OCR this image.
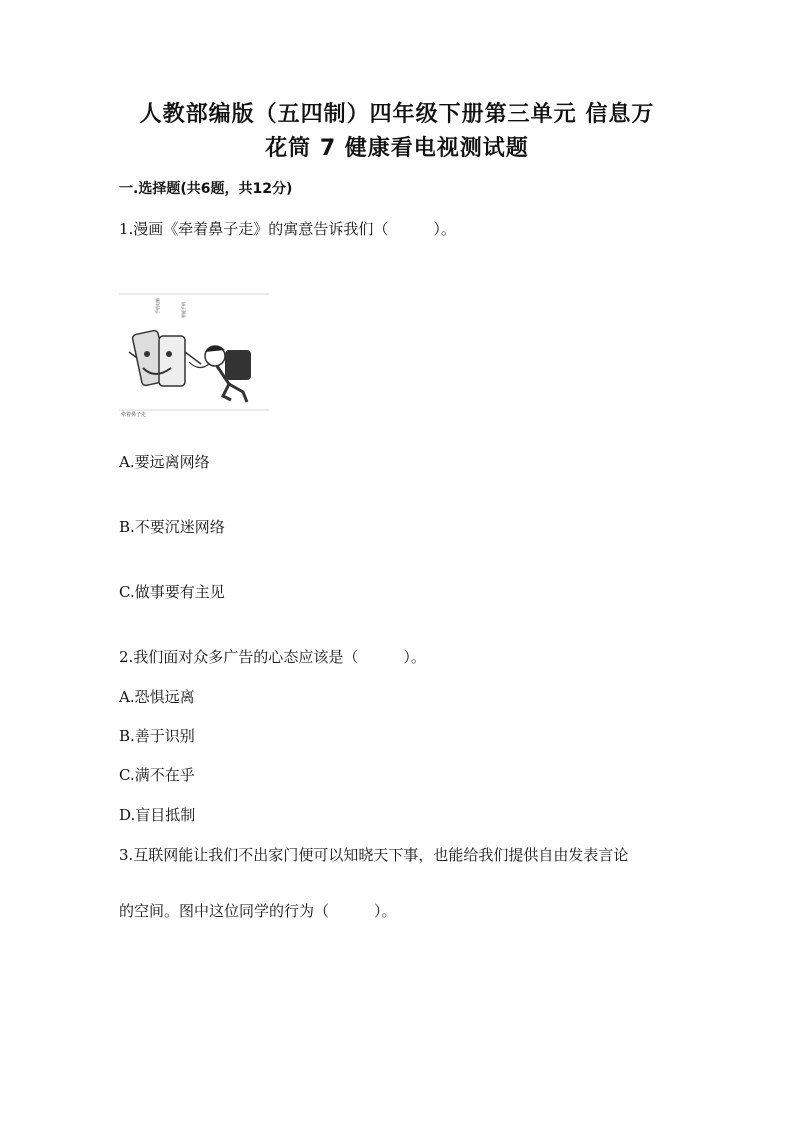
人教部编版（五四制）四年级下册第三单元 信息万
花筒 7 健康看电视测试题
一.选择题(共6题，共12分)
1.漫画《牵着鼻子走》的寓意告诉我们（　　　）。
手机电脑	智能手机
牵着鼻子走
A.要远离网络
B.不要沉迷网络
C.做事要有主见
2.我们面对众多广告的心态应该是（　　　）。
A.恐惧远离
B.善于识别
C.满不在乎
D.盲目抵制
3.互联网能让我们不出家门便可以知晓天下事，也能给我们提供自由发表言论
的空间。图中这位同学的行为（　　　）。
